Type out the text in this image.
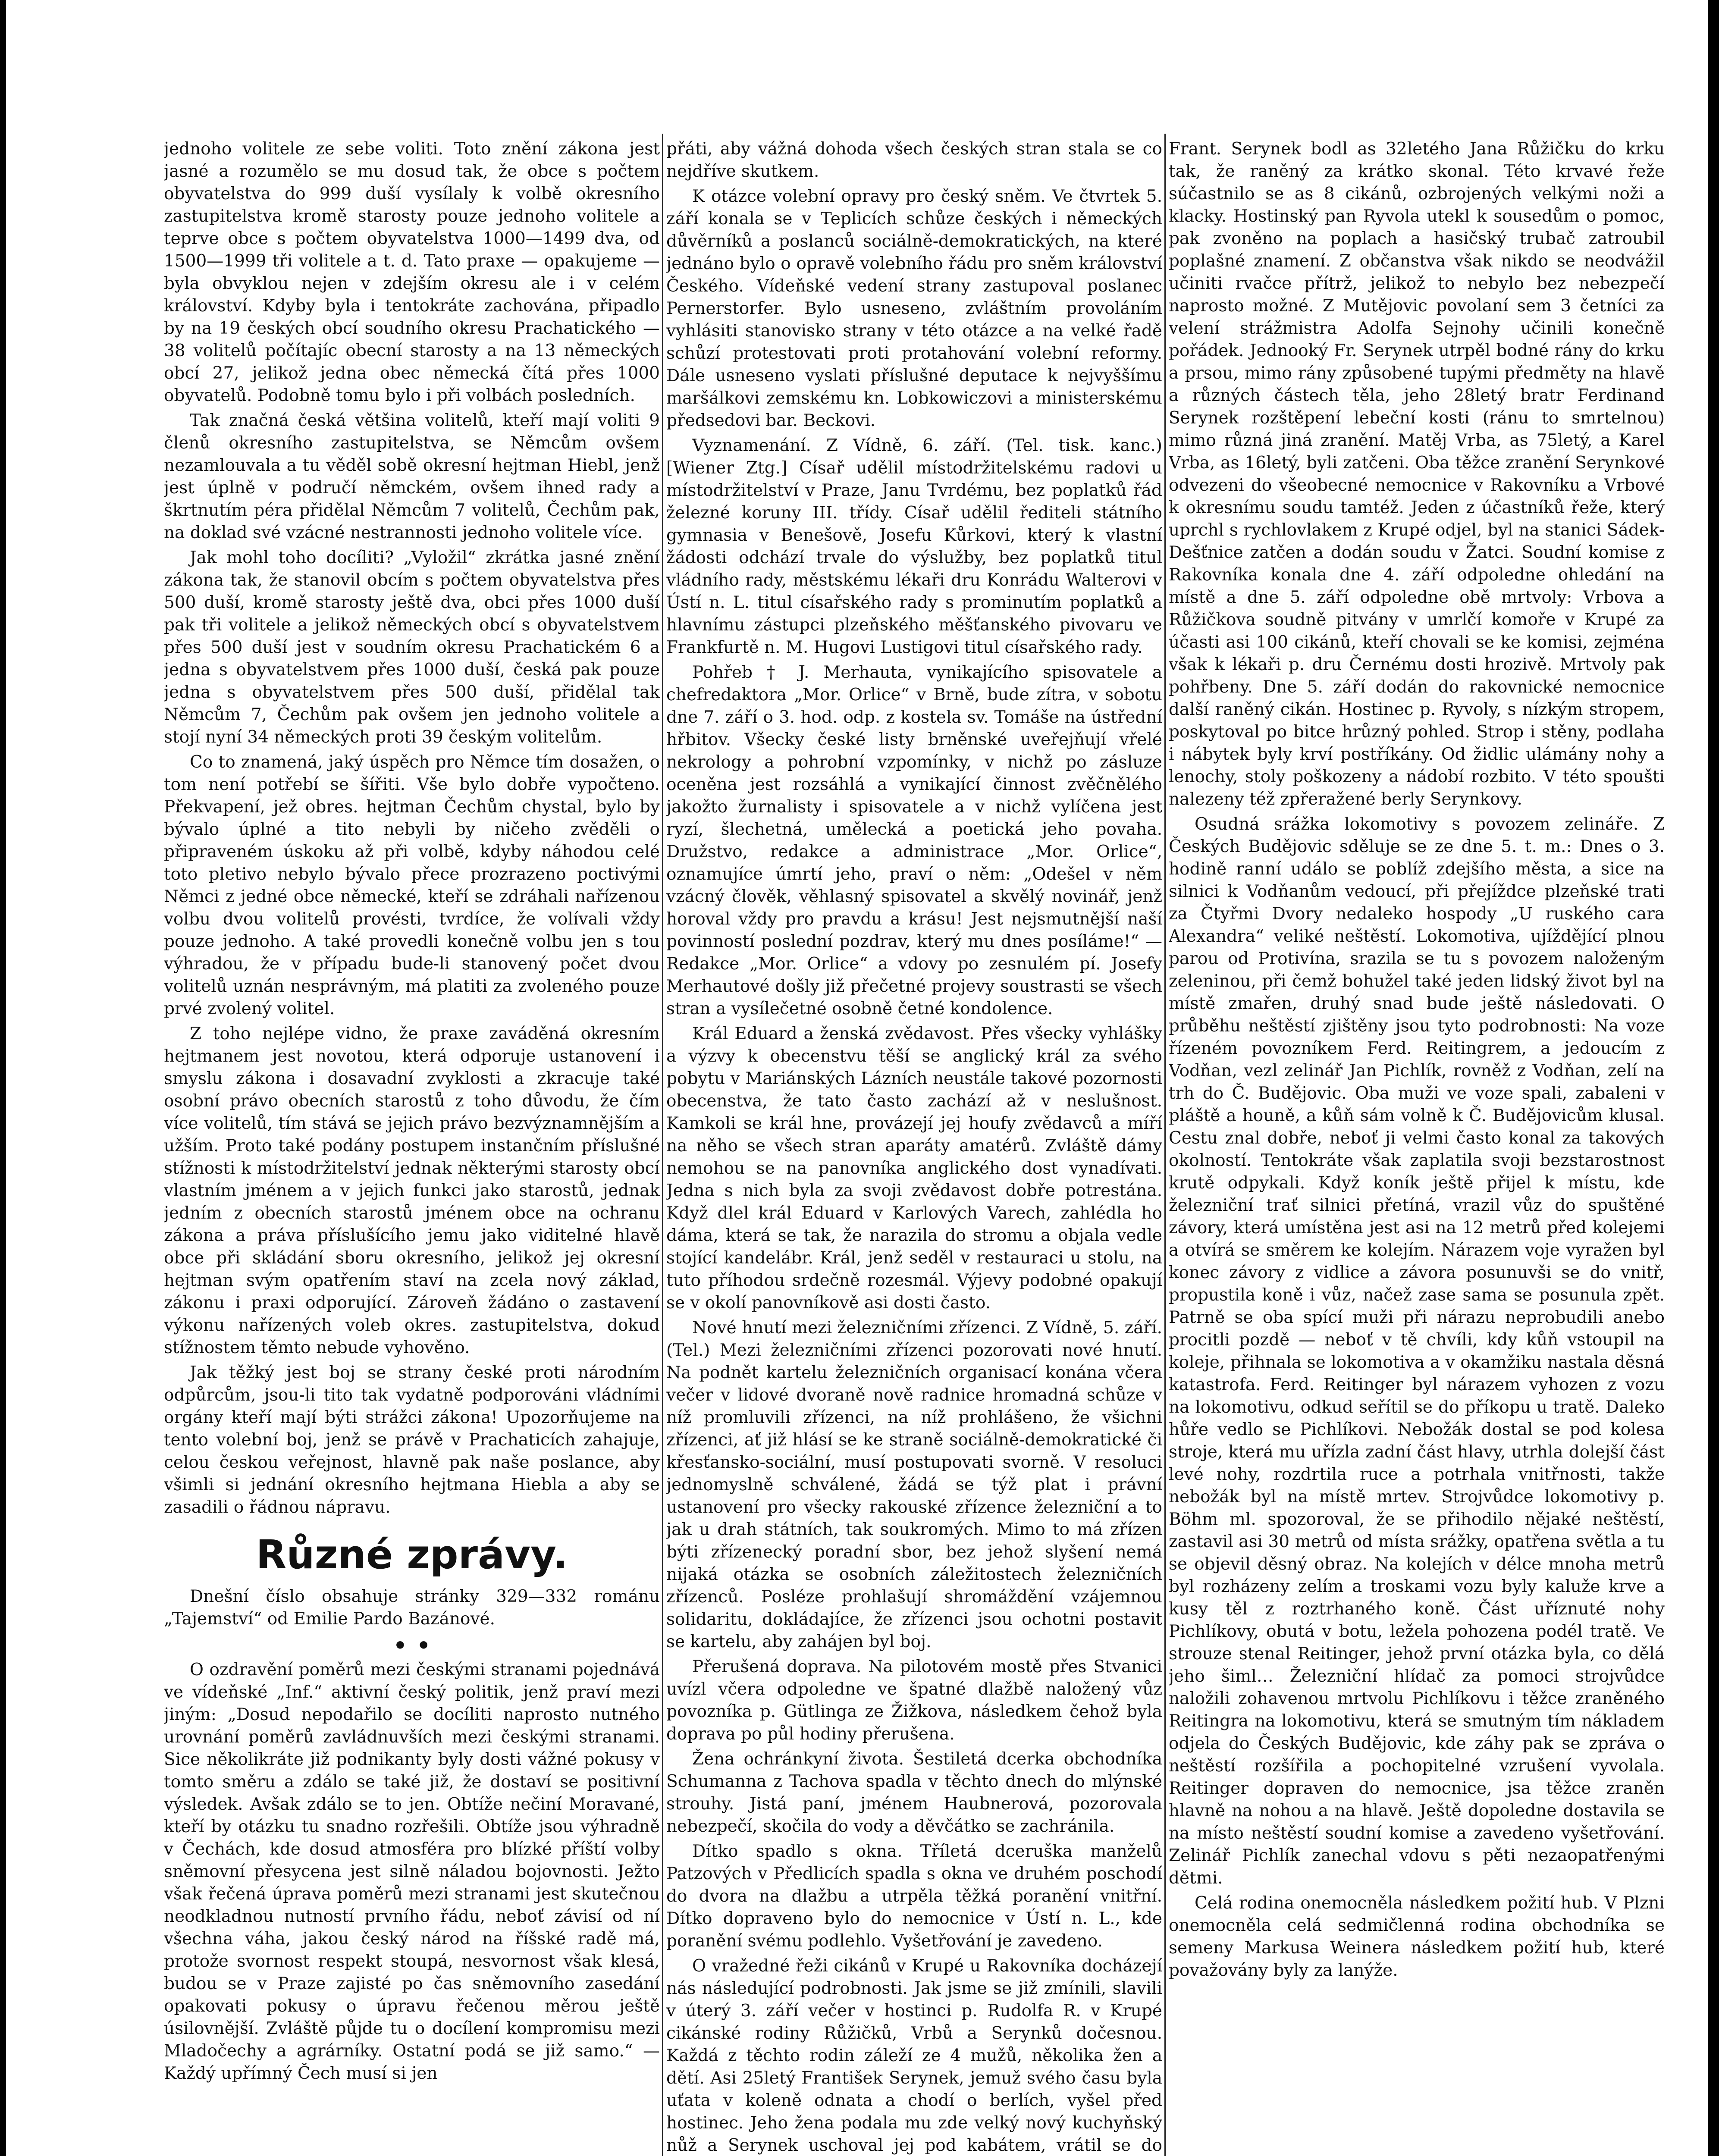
jednoho volitele ze sebe voliti. Toto znění zákona jest jasné a rozumělo se mu dosud tak, že obce s počtem obyvatelstva do 999 duší vysílaly k volbě okresního zastupitelstva kromě starosty pouze jednoho volitele a teprve obce s počtem obyvatelstva 1000—1499 dva, od 1500—1999 tři volitele a t. d. Tato praxe — opakujeme — byla obvyklou nejen v zdejším okresu ale i v celém království. Kdyby byla i tentokráte zachována, připadlo by na 19 českých obcí soudního okresu Prachatického — 38 volitelů počítajíc obecní starosty a na 13 německých obcí 27, jelikož jedna obec německá čítá přes 1000 obyvatelů. Podobně tomu bylo i při volbách posledních.

Tak značná česká většina volitelů, kteří mají voliti 9 členů okresního zastupitelstva, se Němcům ovšem nezamlouvala a tu věděl sobě okresní hejtman Hiebl, jenž jest úplně v područí němckém, ovšem ihned rady a škrtnutím péra přidělal Němcům 7 volitelů, Čechům pak, na doklad své vzácné nestrannosti jednoho volitele více.

Jak mohl toho docíliti? „Vyložil“ zkrátka jasné znění zákona tak, že stanovil obcím s počtem obyvatelstva přes 500 duší, kromě starosty ještě dva, obci přes 1000 duší pak tři volitele a jelikož německých obcí s obyvatelstvem přes 500 duší jest v soudním okresu Prachatickém 6 a jedna s obyvatelstvem přes 1000 duší, česká pak pouze jedna s obyvatelstvem přes 500 duší, přidělal tak Němcům 7, Čechům pak ovšem jen jednoho volitele a stojí nyní 34 německých proti 39 českým volitelům.

Co to znamená, jaký úspěch pro Němce tím dosažen, o tom není potřebí se šířiti. Vše bylo dobře vypočteno. Překvapení, jež obres. hejtman Čechům chystal, bylo by bývalo úplné a tito nebyli by ničeho zvěděli o připraveném úskoku až při volbě, kdyby náhodou celé toto pletivo nebylo bývalo přece prozrazeno poctivými Němci z jedné obce německé, kteří se zdráhali nařízenou volbu dvou volitelů provésti, tvrdíce, že volívali vždy pouze jednoho. A také provedli konečně volbu jen s tou výhradou, že v případu bude-li stanovený počet dvou volitelů uznán nesprávným, má platiti za zvoleného pouze prvé zvolený volitel.

Z toho nejlépe vidno, že praxe zaváděná okresním hejtmanem jest novotou, která odporuje ustanovení i smyslu zákona i dosavadní zvyklosti a zkracuje také osobní právo obecních starostů z toho důvodu, že čím více volitelů, tím stává se jejich právo bezvýznamnějším a užším. Proto také podány postupem instančním příslušné stížnosti k místodržitelství jednak některými starosty obcí vlastním jménem a v jejich funkci jako starostů, jednak jedním z obecních starostů jménem obce na ochranu zákona a práva příslušícího jemu jako viditelné hlavě obce při skládání sboru okresního, jelikož jej okresní hejtman svým opatřením staví na zcela nový základ, zákonu i praxi odporující. Zároveň žádáno o zastavení výkonu nařízených voleb okres. zastupitelstva, dokud stížnostem těmto nebude vyhověno.

Jak těžký jest boj se strany české proti národním odpůrcům, jsou-li tito tak vydatně podporováni vládními orgány kteří mají býti strážci zákona! Upozorňujeme na tento volební boj, jenž se právě v Prachaticích zahajuje, celou českou veřejnost, hlavně pak naše poslance, aby všimli si jednání okresního hejtmana Hiebla a aby se zasadili o řádnou nápravu.

Různé zprávy.

Dnešní číslo obsahuje stránky 329—332 románu „Tajemství“ od Emilie Pardo Bazánové.

• •

O ozdravění poměrů mezi českými stranami pojednává ve vídeňské „Inf.“ aktivní český politik, jenž praví mezi jiným: „Dosud nepodařilo se docíliti naprosto nutného urovnání poměrů zavládnuvších mezi českými stranami. Sice několikráte již podnikanty byly dosti vážné pokusy v tomto směru a zdálo se také již, že dostaví se positivní výsledek. Avšak zdálo se to jen. Obtíže nečiní Moravané, kteří by otázku tu snadno rozřešili. Obtíže jsou výhradně v Čechách, kde dosud atmosféra pro blízké příští volby sněmovní přesycena jest silně náladou bojovnosti. Ježto však řečená úprava poměrů mezi stranami jest skutečnou neodkladnou nutností prvního řádu, neboť závisí od ní všechna váha, jakou český národ na říšské radě má, protože svornost respekt stoupá, nesvornost však klesá, budou se v Praze zajisté po čas sněmovního zasedání opakovati pokusy o úpravu řečenou měrou ještě úsilovnější. Zvláště půjde tu o docílení kompromisu mezi Mladočechy a agrárníky. Ostatní podá se již samo.“ — Každý upřímný Čech musí si jen

přáti, aby vážná dohoda všech českých stran stala se co nejdříve skutkem.

K otázce volební opravy pro český sněm. Ve čtvrtek 5. září konala se v Teplicích schůze českých i německých důvěrníků a poslanců sociálně-demokratických, na které jednáno bylo o opravě volebního řádu pro sněm království Českého. Vídeňské vedení strany zastupoval poslanec Pernerstorfer. Bylo usneseno, zvláštním provoláním vyhlásiti stanovisko strany v této otázce a na velké řadě schůzí protestovati proti protahování volební reformy. Dále usneseno vyslati příslušné deputace k nejvyššímu maršálkovi zemskému kn. Lobkowiczovi a ministerskému předsedovi bar. Beckovi.

Vyznamenání. Z Vídně, 6. září. (Tel. tisk. kanc.) [Wiener Ztg.] Císař udělil místodržitelskému radovi u místodržitelství v Praze, Janu Tvrdému, bez poplatků řád železné koruny III. třídy. Císař udělil řediteli státního gymnasia v Benešově, Josefu Kůrkovi, který k vlastní žádosti odchází trvale do výslužby, bez poplatků titul vládního rady, městskému lékaři dru Konrádu Walterovi v Ústí n. L. titul císařského rady s prominutím poplatků a hlavnímu zástupci plzeňského měšťanského pivovaru ve Frankfurtě n. M. Hugovi Lustigovi titul císařského rady.

Pohřeb † J. Merhauta, vynikajícího spisovatele a chefredaktora „Mor. Orlice“ v Brně, bude zítra, v sobotu dne 7. září o 3. hod. odp. z kostela sv. Tomáše na ústřední hřbitov. Všecky české listy brněnské uveřejňují vřelé nekrology a pohrobní vzpomínky, v nichž po zásluze oceněna jest rozsáhlá a vynikající činnost zvěčnělého jakožto žurnalisty i spisovatele a v nichž vylíčena jest ryzí, šlechetná, umělecká a poetická jeho povaha. Družstvo, redakce a administrace „Mor. Orlice“, oznamujíce úmrtí jeho, praví o něm: „Odešel v něm vzácný člověk, věhlasný spisovatel a skvělý novinář, jenž horoval vždy pro pravdu a krásu! Jest nejsmutnější naší povinností poslední pozdrav, který mu dnes posíláme!“ — Redakce „Mor. Orlice“ a vdovy po zesnulém pí. Josefy Merhautové došly již přečetné projevy soustrasti se všech stran a vysílečetné osobně četné kondolence.

Král Eduard a ženská zvědavost. Přes všecky vyhlášky a výzvy k obecenstvu těší se anglický král za svého pobytu v Mariánských Lázních neustále takové pozornosti obecenstva, že tato často zachází až v neslušnost. Kamkoli se král hne, provázejí jej houfy zvědavců a míří na něho se všech stran aparáty amatérů. Zvláště dámy nemohou se na panovníka anglického dost vynadívati. Jedna s nich byla za svoji zvědavost dobře potrestána. Když dlel král Eduard v Karlových Varech, zahlédla ho dáma, která se tak, že narazila do stromu a objala vedle stojící kandelábr. Král, jenž seděl v restauraci u stolu, na tuto příhodou srdečně rozesmál. Výjevy podobné opakují se v okolí panovníkově asi dosti často.

Nové hnutí mezi železničními zřízenci. Z Vídně, 5. září. (Tel.) Mezi železničními zřízenci pozorovati nové hnutí. Na podnět kartelu železničních organisací konána včera večer v lidové dvoraně nově radnice hromadná schůze v níž promluvili zřízenci, na níž prohlášeno, že všichni zřízenci, ať již hlásí se ke straně sociálně-demokratické či křesťansko-sociální, musí postupovati svorně. V resoluci jednomyslně schválené, žádá se týž plat i právní ustanovení pro všecky rakouské zřízence železniční a to jak u drah státních, tak soukromých. Mimo to má zřízen býti zřízenecký poradní sbor, bez jehož slyšení nemá nijaká otázka se osobních záležitostech železničních zřízenců. Posléze prohlašují shromáždění vzájemnou solidaritu, dokládajíce, že zřízenci jsou ochotni postavit se kartelu, aby zahájen byl boj.

Přerušená doprava. Na pilotovém mostě přes Stvanici uvízl včera odpoledne ve špatné dlažbě naložený vůz povozníka p. Gütlinga ze Žižkova, následkem čehož byla doprava po půl hodiny přerušena.

Žena ochránkyní života. Šestiletá dcerka obchodníka Schumanna z Tachova spadla v těchto dnech do mlýnské strouhy. Jistá paní, jménem Haubnerová, pozorovala nebezpečí, skočila do vody a děvčátko se zachránila.

Dítko spadlo s okna. Tříletá dceruška manželů Patzových v Předlicích spadla s okna ve druhém poschodí do dvora na dlažbu a utrpěla těžká poranění vnitřní. Dítko dopraveno bylo do nemocnice v Ústí n. L., kde poranění svému podlehlo. Vyšetřování je zavedeno.

O vražedné řeži cikánů v Krupé u Rakovníka docházejí nás následující podrobnosti. Jak jsme se již zmínili, slavili v úterý 3. září večer v hostinci p. Rudolfa R. v Krupé cikánské rodiny Růžičků, Vrbů a Serynků dočesnou. Každá z těchto rodin záleží ze 4 mužů, několika žen a dětí. Asi 25letý František Serynek, jemuž svého času byla uťata v koleně odnata a chodí o berlích, vyšel před hostinec. Jeho žena podala mu zde velký nový kuchyňský nůž a Serynek uschoval jej pod kabátem, vrátil se do

Frant. Serynek bodl as 32letého Jana Růžičku do krku tak, že raněný za krátko skonal. Této krvavé řeže súčastnilo se as 8 cikánů, ozbrojených velkými noži a klacky. Hostinský pan Ryvola utekl k sousedům o pomoc, pak zvoněno na poplach a hasičský trubač zatroubil poplašné znamení. Z občanstva však nikdo se neodvážil učiniti rvačce přítrž, jelikož to nebylo bez nebezpečí naprosto možné. Z Mutějovic povolaní sem 3 četníci za velení strážmistra Adolfa Sejnohy učinili konečně pořádek. Jednooký Fr. Serynek utrpěl bodné rány do krku a prsou, mimo rány způsobené tupými předměty na hlavě a různých částech těla, jeho 28letý bratr Ferdinand Serynek rozštěpení lebeční kosti (ránu to smrtelnou) mimo různá jiná zranění. Matěj Vrba, as 75letý, a Karel Vrba, as 16letý, byli zatčeni. Oba těžce zranění Serynkové odvezeni do všeobecné nemocnice v Rakovníku a Vrbové k okresnímu soudu tamtéž. Jeden z účastníků řeže, který uprchl s rychlovlakem z Krupé odjel, byl na stanici Sádek-Dešťnice zatčen a dodán soudu v Žatci. Soudní komise z Rakovníka konala dne 4. září odpoledne ohledání na místě a dne 5. září odpoledne obě mrtvoly: Vrbova a Růžičkova soudně pitvány v umrlčí komoře v Krupé za účasti asi 100 cikánů, kteří chovali se ke komisi, zejména však k lékaři p. dru Černému dosti hrozivě. Mrtvoly pak pohřbeny. Dne 5. září dodán do rakovnické nemocnice další raněný cikán. Hostinec p. Ryvoly, s nízkým stropem, poskytoval po bitce hrůzný pohled. Strop i stěny, podlaha i nábytek byly krví postříkány. Od židlic ulámány nohy a lenochy, stoly poškozeny a nádobí rozbito. V této spoušti nalezeny též zpřeražené berly Serynkovy.

Osudná srážka lokomotivy s povozem zelináře. Z Českých Budějovic sděluje se ze dne 5. t. m.: Dnes o 3. hodině ranní událo se poblíž zdejšího města, a sice na silnici k Vodňanům vedoucí, při přejíždce plzeňské trati za Čtyřmi Dvory nedaleko hospody „U ruského cara Alexandra“ veliké neštěstí. Lokomotiva, ujíždějící plnou parou od Protivína, srazila se tu s povozem naloženým zeleninou, při čemž bohužel také jeden lidský život byl na místě zmařen, druhý snad bude ještě následovati. O průběhu neštěstí zjištěny jsou tyto podrobnosti: Na voze řízeném povozníkem Ferd. Reitingrem, a jedoucím z Vodňan, vezl zelinář Jan Pichlík, rovněž z Vodňan, zelí na trh do Č. Budějovic. Oba muži ve voze spali, zabaleni v pláště a houně, a kůň sám volně k Č. Budějovicům klusal. Cestu znal dobře, neboť ji velmi často konal za takových okolností. Tentokráte však zaplatila svoji bezstarostnost krutě odpykali. Když koník ještě přijel k místu, kde železniční trať silnici přetíná, vrazil vůz do spuštěné závory, která umístěna jest asi na 12 metrů před kolejemi a otvírá se směrem ke kolejím. Nárazem voje vyražen byl konec závory z vidlice a závora posunuvši se do vnitř, propustila koně i vůz, načež zase sama se posunula zpět. Patrně se oba spící muži při nárazu neprobudili anebo procitli pozdě — neboť v tě chvíli, kdy kůň vstoupil na koleje, přihnala se lokomotiva a v okamžiku nastala děsná katastrofa. Ferd. Reitinger byl nárazem vyhozen z vozu na lokomotivu, odkud seřítil se do příkopu u tratě. Daleko hůře vedlo se Pichlíkovi. Nebožák dostal se pod kolesa stroje, která mu uřízla zadní část hlavy, utrhla dolejší část levé nohy, rozdrtila ruce a potrhala vnitřnosti, takže nebožák byl na místě mrtev. Strojvůdce lokomotivy p. Böhm ml. spozoroval, že se přihodilo nějaké neštěstí, zastavil asi 30 metrů od místa srážky, opatřena světla a tu se objevil děsný obraz. Na kolejích v délce mnoha metrů byl rozházeny zelím a troskami vozu byly kaluže krve a kusy těl z roztrhaného koně. Část uříznuté nohy Pichlíkovy, obutá v botu, ležela pohozena podél tratě. Ve strouze stenal Reitinger, jehož první otázka byla, co dělá jeho šiml… Železniční hlídač za pomoci strojvůdce naložili zohavenou mrtvolu Pichlíkovu i těžce zraněného Reitingra na lokomotivu, která se smutným tím nákladem odjela do Českých Budějovic, kde záhy pak se zpráva o neštěstí rozšířila a pochopitelné vzrušení vyvolala. Reitinger dopraven do nemocnice, jsa těžce zraněn hlavně na nohou a na hlavě. Ještě dopoledne dostavila se na místo neštěstí soudní komise a zavedeno vyšetřování. Zelinář Pichlík zanechal vdovu s pěti nezaopatřenými dětmi.

Celá rodina onemocněla následkem požití hub. V Plzni onemocněla celá sedmičlenná rodina obchodníka se semeny Markusa Weinera následkem požití hub, které považovány byly za lanýže.
